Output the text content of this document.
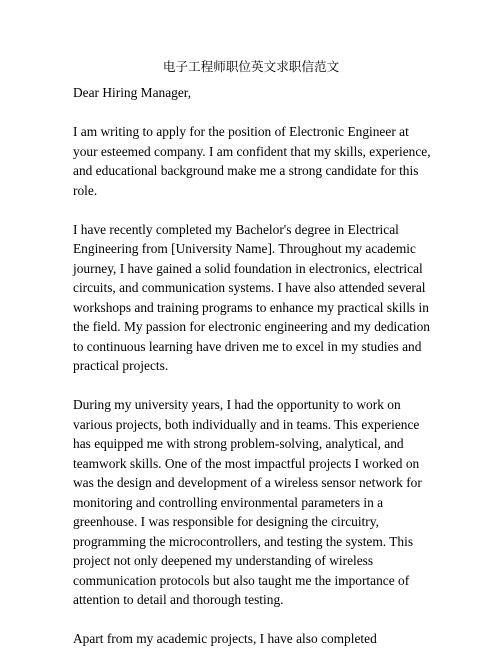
电子工程师职位英文求职信范文

Dear Hiring Manager,

I am writing to apply for the position of Electronic Engineer at your esteemed company. I am confident that my skills, experience, and educational background make me a strong candidate for this role.

I have recently completed my Bachelor's degree in Electrical Engineering from [University Name]. Throughout my academic journey, I have gained a solid foundation in electronics, electrical circuits, and communication systems. I have also attended several workshops and training programs to enhance my practical skills in the field. My passion for electronic engineering and my dedication to continuous learning have driven me to excel in my studies and practical projects.

During my university years, I had the opportunity to work on various projects, both individually and in teams. This experience has equipped me with strong problem-solving, analytical, and teamwork skills. One of the most impactful projects I worked on was the design and development of a wireless sensor network for monitoring and controlling environmental parameters in a greenhouse. I was responsible for designing the circuitry, programming the microcontrollers, and testing the system. This project not only deepened my understanding of wireless communication protocols but also taught me the importance of attention to detail and thorough testing.

Apart from my academic projects, I have also completed
